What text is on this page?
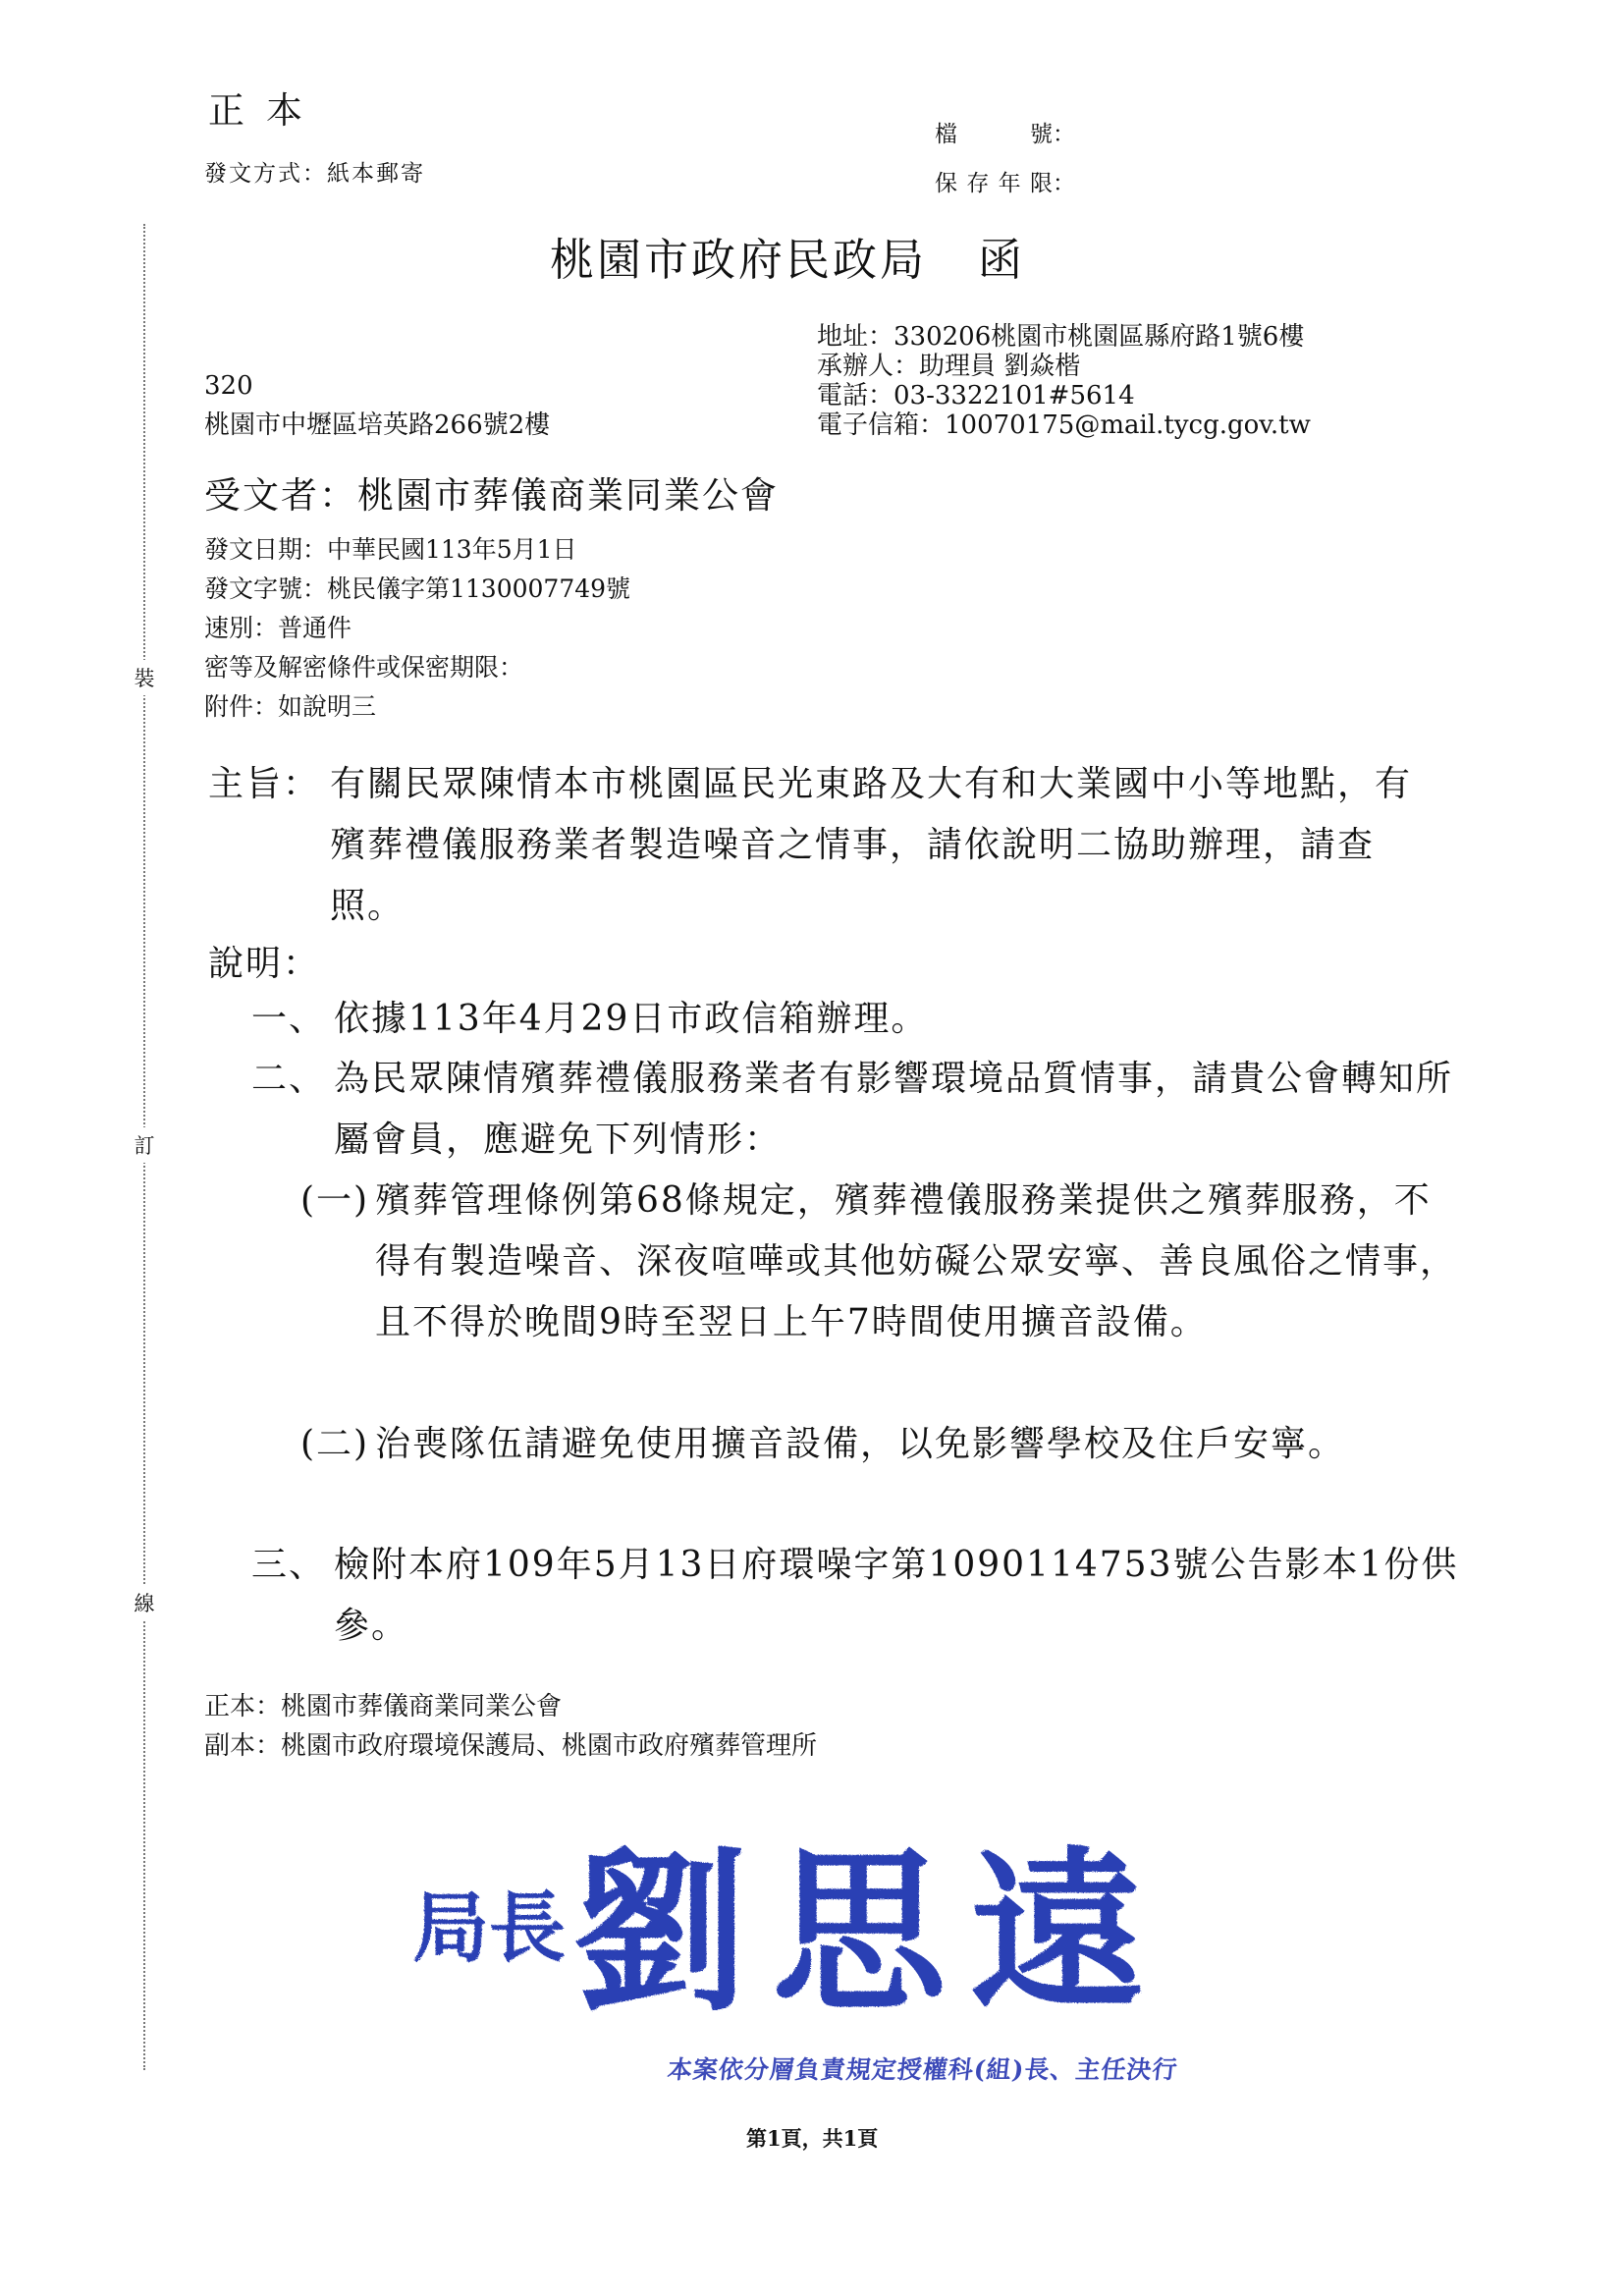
正本
發文方式：紙本郵寄
檔號：
保存年限：
裝
訂
線
桃園市政府民政局 函
地址：330206桃園市桃園區縣府路1號6樓
承辦人：助理員 劉焱楷
電話：03-3322101#5614
電子信箱：10070175@mail.tycg.gov.tw
320
桃園市中壢區培英路266號2樓
受文者：桃園市葬儀商業同業公會
發文日期：中華民國113年5月1日
發文字號：桃民儀字第1130007749號
速別：普通件
密等及解密條件或保密期限：
附件：如說明三
主旨： 有關民眾陳情本市桃園區民光東路及大有和大業國中小等地點，有殯葬禮儀服務業者製造噪音之情事，請依說明二協助辦理，請查照。
說明：
一、 依據113年4月29日市政信箱辦理。
二、 為民眾陳情殯葬禮儀服務業者有影響環境品質情事，請貴公會轉知所屬會員，應避免下列情形：
(一) 殯葬管理條例第68條規定，殯葬禮儀服務業提供之殯葬服務，不得有製造噪音、深夜喧嘩或其他妨礙公眾安寧、善良風俗之情事，且不得於晚間9時至翌日上午7時間使用擴音設備。
(二) 治喪隊伍請避免使用擴音設備，以免影響學校及住戶安寧。
三、 檢附本府109年5月13日府環噪字第1090114753號公告影本1份供參。
正本：桃園市葬儀商業同業公會
副本：桃園市政府環境保護局、桃園市政府殯葬管理所
局長 劉思遠
本案依分層負責規定授權科(組)長、主任決行
第1頁，共1頁
